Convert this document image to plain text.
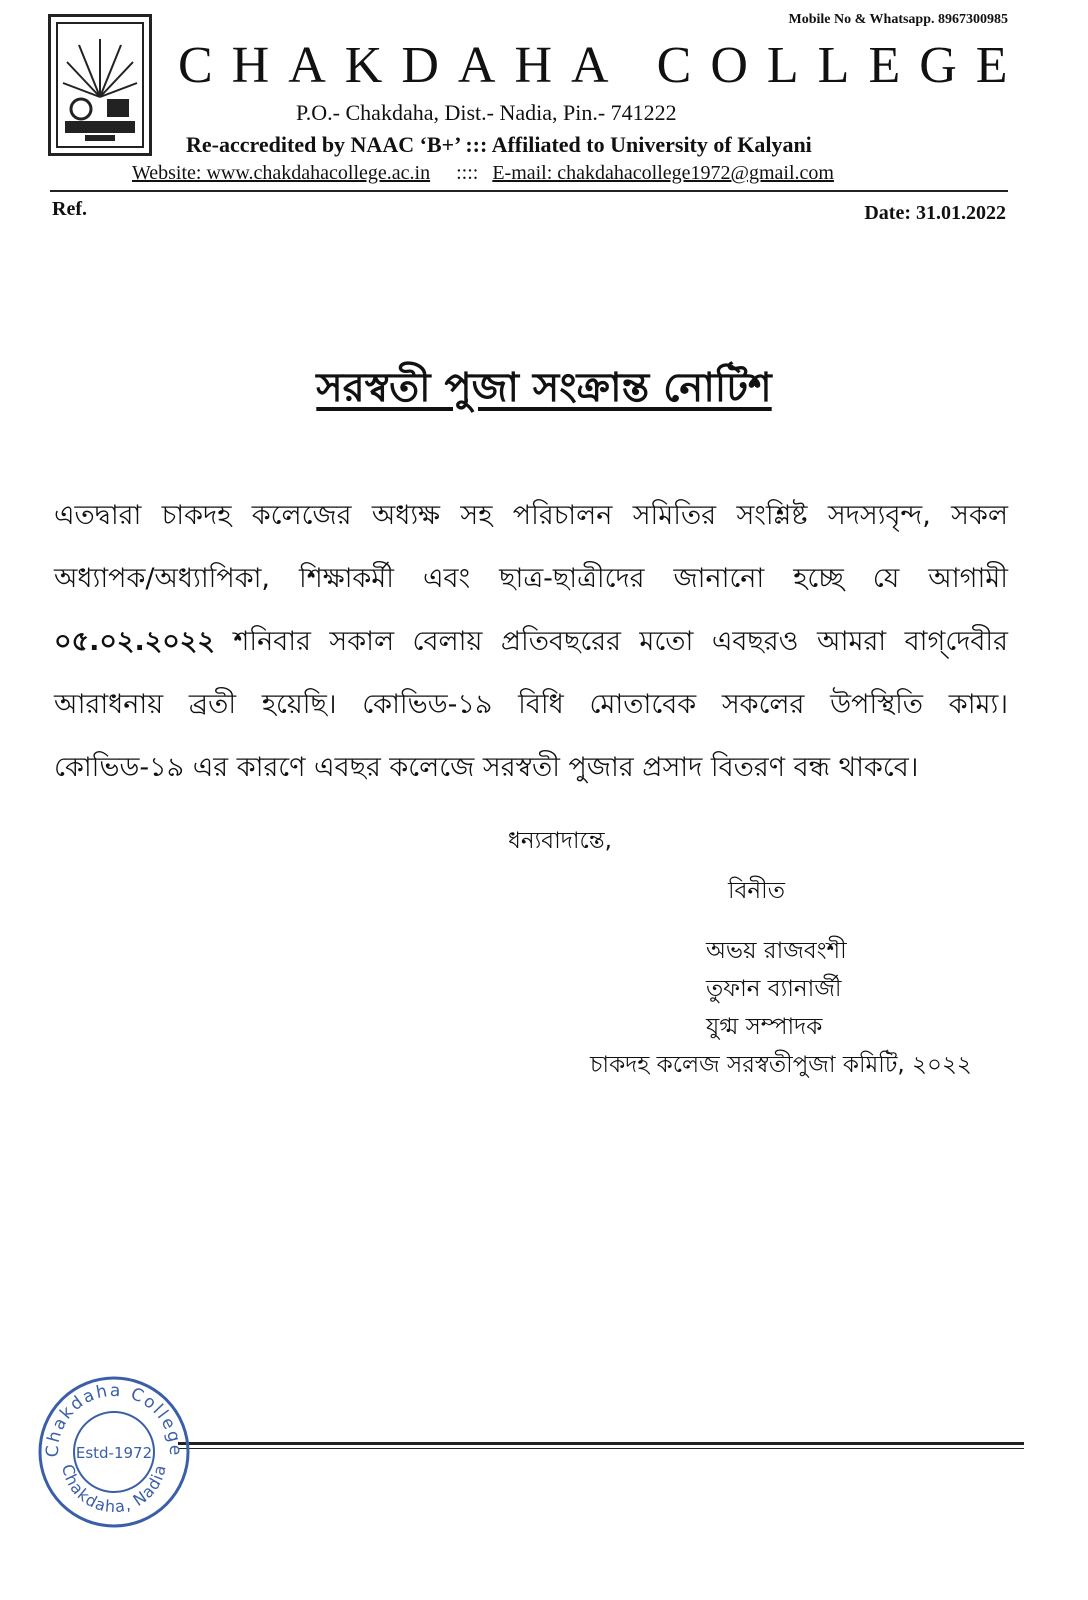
Mobile No & Whatsapp. 8967300985
CHAKDAHA COLLEGE
P.O.- Chakdaha, Dist.- Nadia, Pin.- 741222
Re-accredited by NAAC ‘B+’ ::: Affiliated to University of Kalyani
Website: www.chakdahacollege.ac.in :::: E-mail: chakdahacollege1972@gmail.com
Ref.	Date: 31.01.2022
সরস্বতী পুজা সংক্রান্ত নোটিশ
এতদ্বারা চাকদহ কলেজের অধ্যক্ষ সহ পরিচালন সমিতির সংশ্লিষ্ট সদস্যবৃন্দ, সকল অধ্যাপক/অধ্যাপিকা, শিক্ষাকর্মী এবং ছাত্র-ছাত্রীদের জানানো হচ্ছে যে আগামী ০৫.০২.২০২২ শনিবার সকাল বেলায় প্রতিবছরের মতো এবছরও আমরা বাগ্‌দেবীর আরাধনায় ব্রতী হয়েছি। কোভিড-১৯ বিধি মোতাবেক সকলের উপস্থিতি কাম্য। কোভিড-১৯ এর কারণে এবছর কলেজে সরস্বতী পুজার প্রসাদ বিতরণ বন্ধ থাকবে।
ধন্যবাদান্তে,
বিনীত
অভয় রাজবংশী
তুফান ব্যানার্জী
যুগ্ম সম্পাদক
চাকদহ কলেজ সরস্বতীপুজা কমিটি, ২০২২
Chakdaha College
Chakdaha, Nadia
Estd-1972
